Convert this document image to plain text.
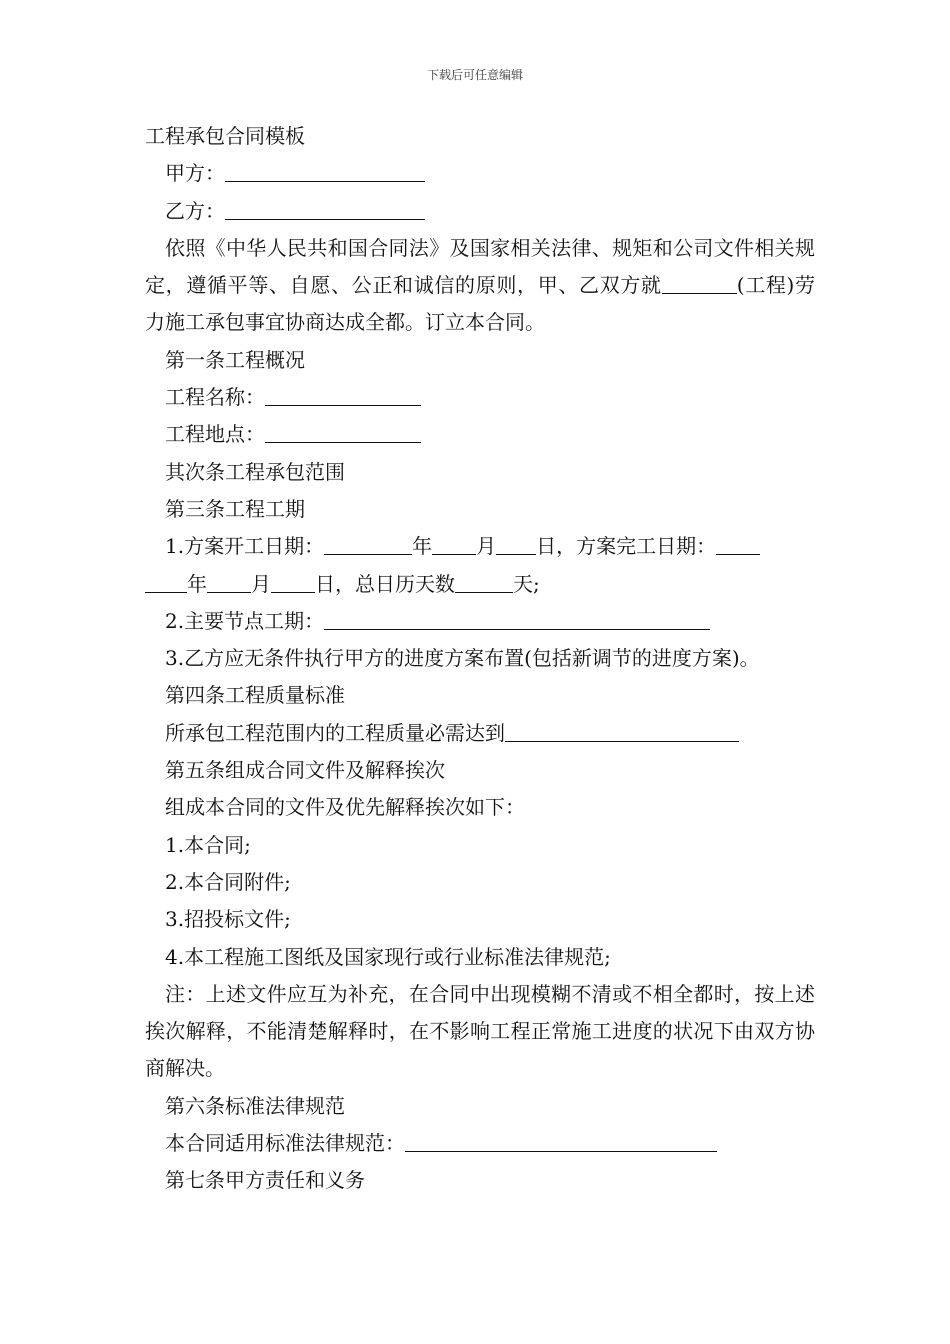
下载后可任意编辑
工程承包合同模板
甲方：
乙方：
依照《中华人民共和国合同法》及国家相关法律、规矩和公司文件相关规定，遵循平等、自愿、公正和诚信的原则，甲、乙双方就	(工程)劳力施工承包事宜协商达成全都。订立本合同。
第一条工程概况
工程名称：
工程地点：
其次条工程承包范围
第三条工程工期
1.方案开工日期：	年 月 日，方案完工日期：
年 月 日，总日历天数	天;
2.主要节点工期：
3.乙方应无条件执行甲方的进度方案布置(包括新调节的进度方案)。
第四条工程质量标准
所承包工程范围内的工程质量必需达到
第五条组成合同文件及解释挨次
组成本合同的文件及优先解释挨次如下：
1.本合同;
2.本合同附件;
3.招投标文件;
4.本工程施工图纸及国家现行或行业标准法律规范;
注：上述文件应互为补充，在合同中出现模糊不清或不相全都时，按上述挨次解释，不能清楚解释时，在不影响工程正常施工进度的状况下由双方协商解决。
第六条标准法律规范
本合同适用标准法律规范：
第七条甲方责任和义务
